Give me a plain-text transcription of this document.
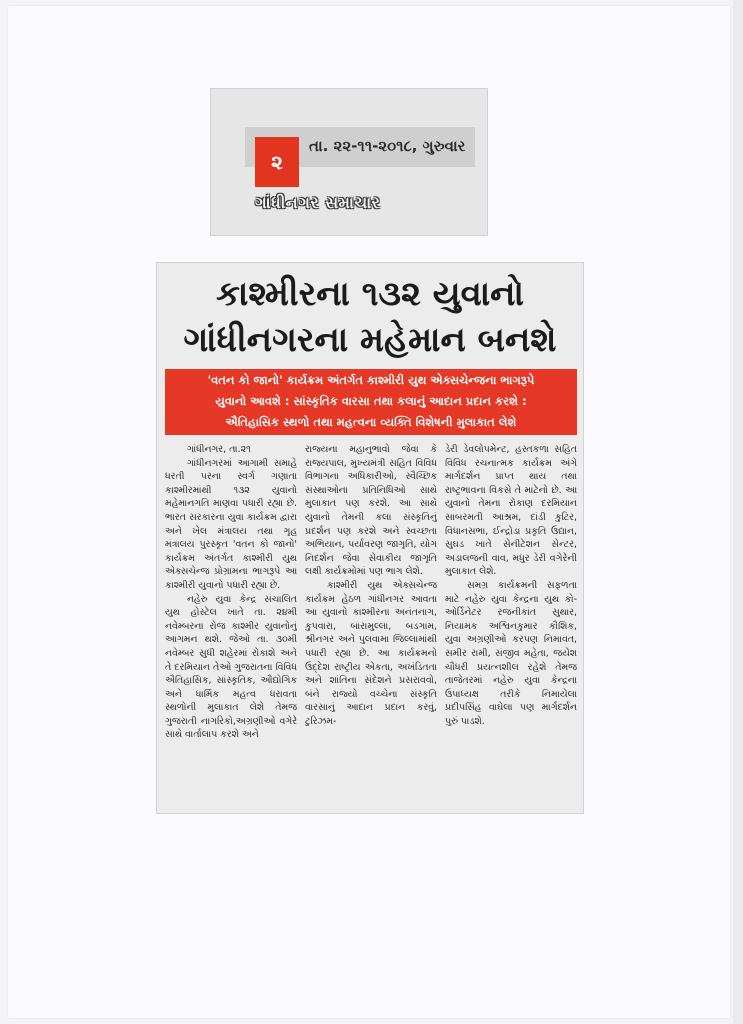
૨
તા. ૨૨-૧૧-૨૦૧૮, ગુરુવાર
ગાંધીનગર સમાચાર
કાશ્મીરના ૧૩૨ યુવાનો
ગાંધીનગરના મહેમાન બનશે
'વતન કો જાનો' કાર્યક્રમ અંતર્ગત કાશ્મીરી યુથ એક્સચેન્જના ભાગરૂપે
યુવાનો આવશે : સાંસ્કૃતિક વારસા તથા કલાનું આદાન પ્રદાન કરશે :
ઐતિહાસિક સ્થળો તથા મહત્વના વ્યક્તિ વિશેષની મુલાકાત લેશે

ગાંધીનગર, તા.૨૧

ગાંધીનગરમાં આગામી સમાહે ધરતી પરના સ્વર્ગ ગણાતા કાશ્મીરમાંથી ૧૩૨ યુવાનો મહેમાનગતિ માણવા પધારી રહ્યા છે. ભારત સરકારના યુવા કાર્યક્રમ દ્વારા અને ખેલ મંત્રાલય તથા ગૃહ મંત્રાલય પુરસ્કૃત 'વતન કો જાનો' કાર્યક્રમ અંતર્ગત કાશ્મીરી યુથ એક્સચેન્જ પ્રોગ્રામના ભાગરૂપે આ કાશ્મીરી યુવાનો પધારી રહ્યા છે.

નહેરુ યુવા કેન્દ્ર સંચાલિત યુથ હોસ્ટેલ ખાતે તા. ૨૪મી નવેમ્બરના રોજ કાશ્મીર યુવાનોનું આગમન થશે. જેઓ તા. ૩૦મી નવેમ્બર સુધી શહેરમાં રોકાશે અને તે દરમિયાન તેઓ ગુજરાતના વિવિધ ઐતિહાસિક, સાંસ્કૃતિક, ઔદ્યોગિક અને ધાર્મિક મહત્વ ધરાવતા સ્થળોની મુલાકાત લેશે તેમજ ગુજરાતી નાગરિકો,અગ્રણીઓ વગેરે સાથે વાર્તાલાપ કરશે અને

રાજ્યના મહાનુભાવો જેવા કે રાજ્યપાલ, મુખ્યમંત્રી સહિત વિવિધ વિભાગના અધિકારીઓ, સ્વૈચ્છિક સંસ્થાઓના પ્રતિનિધિઓ સાથે મુલાકાત પણ કરશે. આ સાથે યુવાનો તેમની કલા સંસ્કૃતિનું પ્રદર્શન પણ કરશે અને સ્વચ્છતા અભિયાન, પર્યાવરણ જાગૃતિ, યોગ નિદર્શન જેવા સેવાકીય જાગૃતિ લક્ષી કાર્યક્રમોમાં પણ ભાગ લેશે.

કાશ્મીરી યુથ એક્સચેન્જ કાર્યક્રમ હેઠળ ગાંધીનગર આવતા આ યુવાનો કાશ્મીરના અનંતનાગ, કુપવારા, બારામુલ્લા, બડગામ, શ્રીનગર અને પુલવામા જિલ્લામાંથી પધારી રહ્યા છે. આ કાર્યક્રમનો ઉદ્દેશ રાષ્ટ્રીય એકતા, અખંડિતતા અને શાંતિના સંદેશને પ્રસરાવવો, બંને રાજ્યો વચ્ચેના સંસ્કૃતિ વારસાનું આદાન પ્રદાન કરવું, ટુરિઝમ-

ડેરી ડેવલોપમેન્ટ, હસ્તકળા સહિત વિવિધ રચનાત્મક કાર્યક્રમ અંગે માર્ગદર્શન પ્રાપ્ત થાય તથા રાષ્ટ્રભાવના વિકસે તે માટેનો છે. આ યુવાનો તેમના રોકાણ દરમિયાન સાબરમતી આશ્રમ, દાંડી કુટિર, વિધાનસભા, ઈન્દ્રોડા પ્રકૃતિ ઉદ્યાન, સુઘડ ખાતે સેનીટેશન સેન્ટર, અડાલજની વાવ, મધુર ડેરી વગેરેની મુલાકાત લેશે.

સમગ્ર કાર્યક્રમની સફળતા માટે નહેરુ યુવા કેન્દ્રના યુથ કો-ઓર્ડિનેટર રજનીકાંત સુથાર, નિયામક અશ્વિનકુમાર કૌશિક, યુવા અગ્રણીઓ કરપણ નિમાવત, સમીર રામી, સંજીવ મહેતા, જયેશ ચૌધરી પ્રયત્નશીલ રહેશે તેમજ તાજેતરમાં નહેરુ યુવા કેન્દ્રના ઉપાધ્યક્ષ તરીકે નિમાયેલા પ્રદીપસિંહ વાઘેલા પણ માર્ગદર્શન પુરું પાડશે.
